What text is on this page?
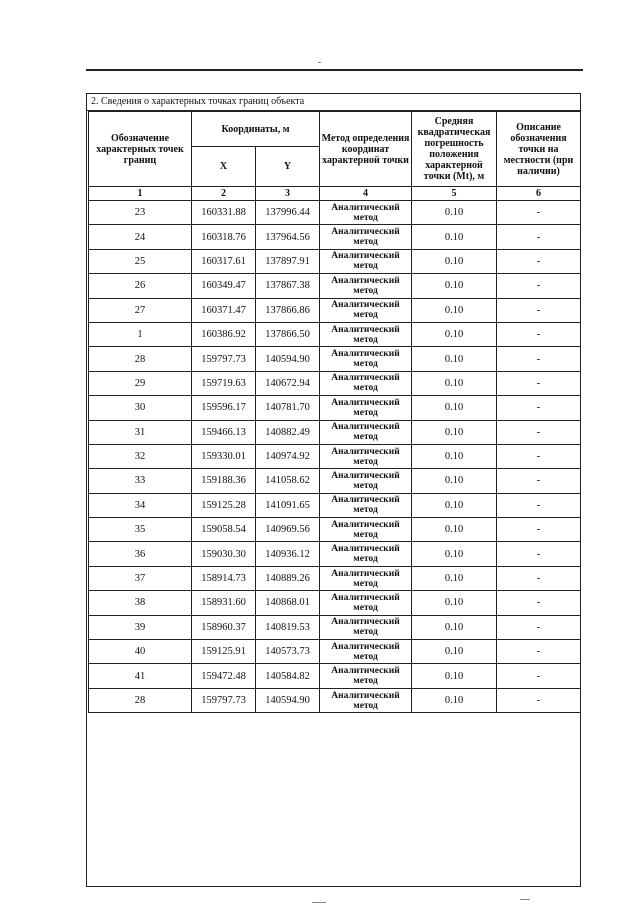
2. Сведения о характерных точках границ объекта
Обозначение характерных точек границ	Координаты, м		Метод определения координат характерной точки	Средняя квадратическая погрешность положения характерной точки (Mt), м	Описание обозначения точки на местности (при наличии)
	X	Y			
1	2	3	4	5	6
23	160331.88	137996.44	Аналитический метод	0.10	-
24	160318.76	137964.56	Аналитический метод	0.10	-
25	160317.61	137897.91	Аналитический метод	0.10	-
26	160349.47	137867.38	Аналитический метод	0.10	-
27	160371.47	137866.86	Аналитический метод	0.10	-
1	160386.92	137866.50	Аналитический метод	0.10	-
28	159797.73	140594.90	Аналитический метод	0.10	-
29	159719.63	140672.94	Аналитический метод	0.10	-
30	159596.17	140781.70	Аналитический метод	0.10	-
31	159466.13	140882.49	Аналитический метод	0.10	-
32	159330.01	140974.92	Аналитический метод	0.10	-
33	159188.36	141058.62	Аналитический метод	0.10	-
34	159125.28	141091.65	Аналитический метод	0.10	-
35	159058.54	140969.56	Аналитический метод	0.10	-
36	159030.30	140936.12	Аналитический метод	0.10	-
37	158914.73	140889.26	Аналитический метод	0.10	-
38	158931.60	140868.01	Аналитический метод	0.10	-
39	158960.37	140819.53	Аналитический метод	0.10	-
40	159125.91	140573.73	Аналитический метод	0.10	-
41	159472.48	140584.82	Аналитический метод	0.10	-
28	159797.73	140594.90	Аналитический метод	0.10	-
